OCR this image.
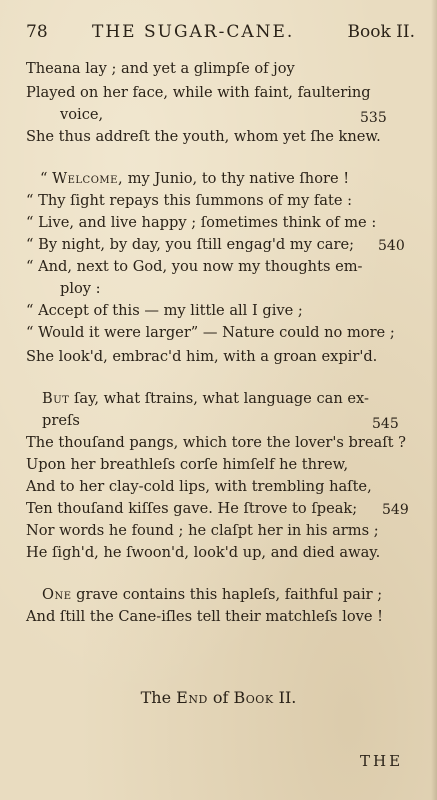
78	THE SUGAR-CANE.	Book II.
Theana lay ; and yet a glimpſe of joy
Played on her face, while with faint, faultering
voice,	535
She thus addreſt the youth, whom yet ſhe knew.
“ Welcome, my Junio, to thy native ſhore !
“ Thy ſight repays this ſummons of my fate :
“ Live, and live happy ; ſometimes think of me :
“ By night, by day, you ſtill engag'd my care; 540
“ And, next to God, you now my thoughts em-
ploy :
“ Accept of this — my little all I give ;
“ Would it were larger” — Nature could no more ;
She look'd, embrac'd him, with a groan expir'd.
But ſay, what ſtrains, what language can ex-
preſs	545
The thouſand pangs, which tore the lover's breaſt ?
Upon her breathleſs corſe himſelf he threw,
And to her clay-cold lips, with trembling haſte,
Ten thouſand kiſſes gave. He ſtrove to ſpeak; 549
Nor words he found ; he claſpt her in his arms ;
He ſigh'd, he ſwoon'd, look'd up, and died away.
One grave contains this hapleſs, faithful pair ;
And ſtill the Cane-iſles tell their matchleſs love !
The End of Book II.
THE
